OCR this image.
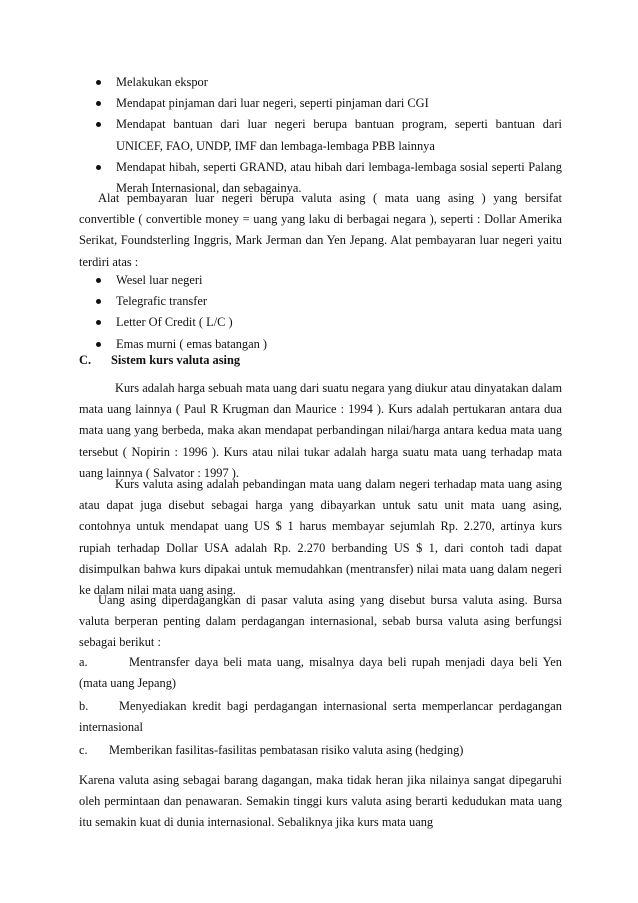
Melakukan ekspor
Mendapat pinjaman dari luar negeri, seperti pinjaman dari CGI
Mendapat bantuan dari luar negeri berupa bantuan program, seperti bantuan dari UNICEF, FAO, UNDP, IMF dan lembaga-lembaga PBB lainnya
Mendapat hibah, seperti GRAND, atau hibah dari lembaga-lembaga sosial seperti Palang Merah Internasional, dan sebagainya.

Alat pembayaran luar negeri berupa valuta asing ( mata uang asing ) yang bersifat convertible ( convertible money = uang yang laku di berbagai negara ), seperti : Dollar Amerika Serikat, Foundsterling Inggris, Mark Jerman dan Yen Jepang. Alat pembayaran luar negeri yaitu terdiri atas :

Wesel luar negeri
Telegrafic transfer
Letter Of Credit ( L/C )
Emas murni ( emas batangan )
C. Sistem kurs valuta asing

Kurs adalah harga sebuah mata uang dari suatu negara yang diukur atau dinyatakan dalam mata uang lainnya ( Paul R Krugman dan Maurice : 1994 ). Kurs adalah pertukaran antara dua mata uang yang berbeda, maka akan mendapat perbandingan nilai/harga antara kedua mata uang tersebut ( Nopirin : 1996 ). Kurs atau nilai tukar adalah harga suatu mata uang terhadap mata uang lainnya ( Salvator : 1997 ).

Kurs valuta asing adalah pebandingan mata uang dalam negeri terhadap mata uang asing atau dapat juga disebut sebagai harga yang dibayarkan untuk satu unit mata uang asing, contohnya untuk mendapat uang US $ 1 harus membayar sejumlah Rp. 2.270, artinya kurs rupiah terhadap Dollar USA adalah Rp. 2.270 berbanding US $ 1, dari contoh tadi dapat disimpulkan bahwa kurs dipakai untuk memudahkan (mentransfer) nilai mata uang dalam negeri ke dalam nilai mata uang asing.

Uang asing diperdagangkan di pasar valuta asing yang disebut bursa valuta asing. Bursa valuta berperan penting dalam perdagangan internasional, sebab bursa valuta asing berfungsi sebagai berikut :

a.	Mentransfer daya beli mata uang, misalnya daya beli rupah menjadi daya beli Yen (mata uang Jepang)

b. Menyediakan kredit bagi perdagangan internasional serta memperlancar perdagangan internasional

c. Memberikan fasilitas-fasilitas pembatasan risiko valuta asing (hedging)

Karena valuta asing sebagai barang dagangan, maka tidak heran jika nilainya sangat dipegaruhi oleh permintaan dan penawaran. Semakin tinggi kurs valuta asing berarti kedudukan mata uang itu semakin kuat di dunia internasional. Sebaliknya jika kurs mata uang
